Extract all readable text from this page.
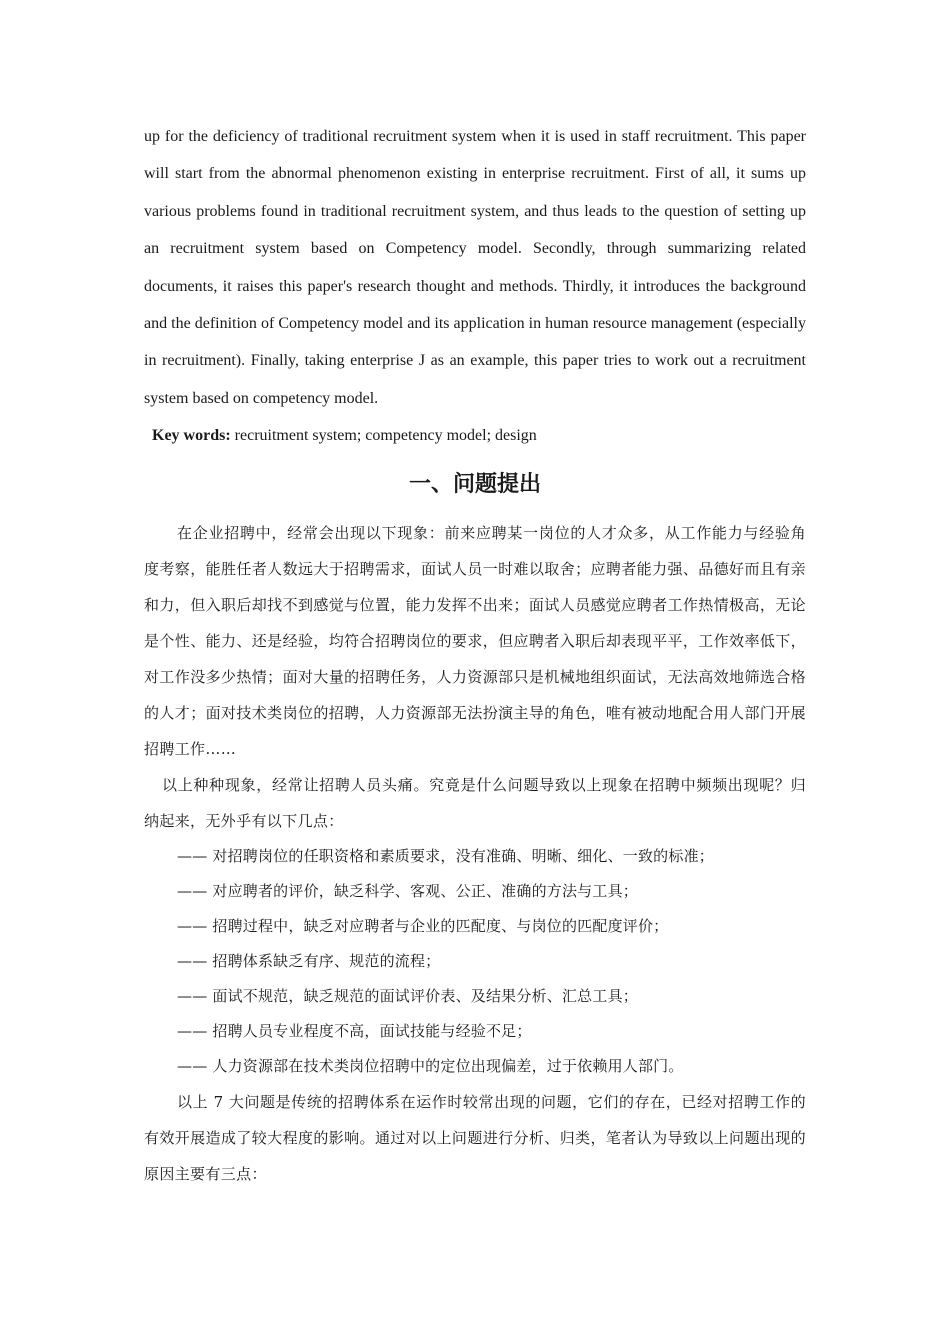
up for the deficiency of traditional recruitment system when it is used in staff recruitment. This paper will start from the abnormal phenomenon existing in enterprise recruitment. First of all, it sums up various problems found in traditional recruitment system, and thus leads to the question of setting up an recruitment system based on Competency model. Secondly, through summarizing related documents, it raises this paper's research thought and methods. Thirdly, it introduces the background and the definition of Competency model and its application in human resource management (especially in recruitment). Finally, taking enterprise J as an example, this paper tries to work out a recruitment system based on competency model.

Key words: recruitment system; competency model; design

一、问题提出

在企业招聘中，经常会出现以下现象：前来应聘某一岗位的人才众多，从工作能力与经验角度考察，能胜任者人数远大于招聘需求，面试人员一时难以取舍；应聘者能力强、品德好而且有亲和力，但入职后却找不到感觉与位置，能力发挥不出来；面试人员感觉应聘者工作热情极高，无论是个性、能力、还是经验，均符合招聘岗位的要求，但应聘者入职后却表现平平，工作效率低下，对工作没多少热情；面对大量的招聘任务，人力资源部只是机械地组织面试，无法高效地筛选合格的人才；面对技术类岗位的招聘，人力资源部无法扮演主导的角色，唯有被动地配合用人部门开展招聘工作……

以上种种现象，经常让招聘人员头痛。究竟是什么问题导致以上现象在招聘中频频出现呢？归纳起来，无外乎有以下几点：

—— 对招聘岗位的任职资格和素质要求，没有准确、明晰、细化、一致的标准；
—— 对应聘者的评价，缺乏科学、客观、公正、准确的方法与工具；
—— 招聘过程中，缺乏对应聘者与企业的匹配度、与岗位的匹配度评价；
—— 招聘体系缺乏有序、规范的流程；
—— 面试不规范，缺乏规范的面试评价表、及结果分析、汇总工具；
—— 招聘人员专业程度不高，面试技能与经验不足；
—— 人力资源部在技术类岗位招聘中的定位出现偏差，过于依赖用人部门。

以上 7 大问题是传统的招聘体系在运作时较常出现的问题，它们的存在，已经对招聘工作的有效开展造成了较大程度的影响。通过对以上问题进行分析、归类，笔者认为导致以上问题出现的原因主要有三点：
